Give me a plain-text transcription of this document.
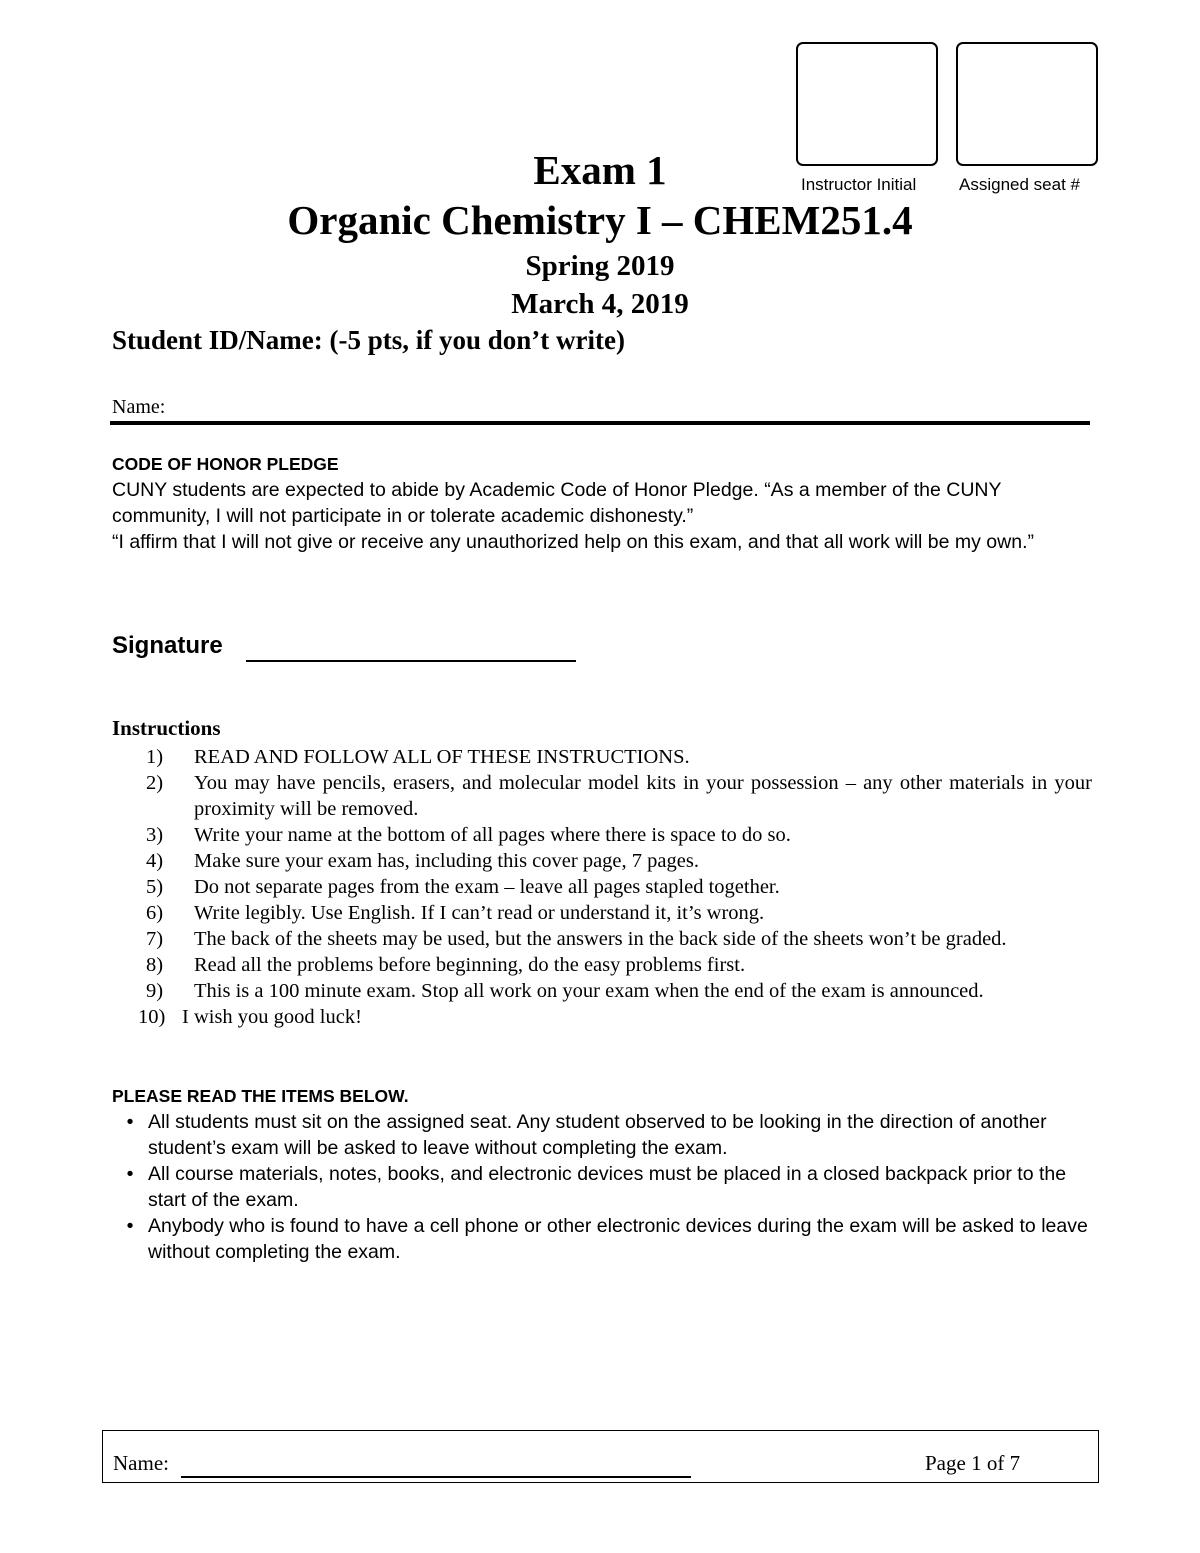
Instructor Initial	Assigned seat #
Exam 1
Organic Chemistry I – CHEM251.4
Spring 2019
March 4, 2019
Student ID/Name: (-5 pts, if you don’t write)
Name:
CODE OF HONOR PLEDGE
CUNY students are expected to abide by Academic Code of Honor Pledge. “As a member of the CUNY community, I will not participate in or tolerate academic dishonesty.”
“I affirm that I will not give or receive any unauthorized help on this exam, and that all work will be my own.”
Signature
Instructions
1)	READ AND FOLLOW ALL OF THESE INSTRUCTIONS.
2)	You may have pencils, erasers, and molecular model kits in your possession – any other materials in your proximity will be removed.
3)	Write your name at the bottom of all pages where there is space to do so.
4)	Make sure your exam has, including this cover page, 7 pages.
5)	Do not separate pages from the exam – leave all pages stapled together.
6)	Write legibly. Use English. If I can’t read or understand it, it’s wrong.
7)	The back of the sheets may be used, but the answers in the back side of the sheets won’t be graded.
8)	Read all the problems before beginning, do the easy problems first.
9)	This is a 100 minute exam. Stop all work on your exam when the end of the exam is announced.
10) I wish you good luck!
PLEASE READ THE ITEMS BELOW.
• All students must sit on the assigned seat. Any student observed to be looking in the direction of another student’s exam will be asked to leave without completing the exam.
• All course materials, notes, books, and electronic devices must be placed in a closed backpack prior to the start of the exam.
• Anybody who is found to have a cell phone or other electronic devices during the exam will be asked to leave without completing the exam.
Name:	Page 1 of 7
